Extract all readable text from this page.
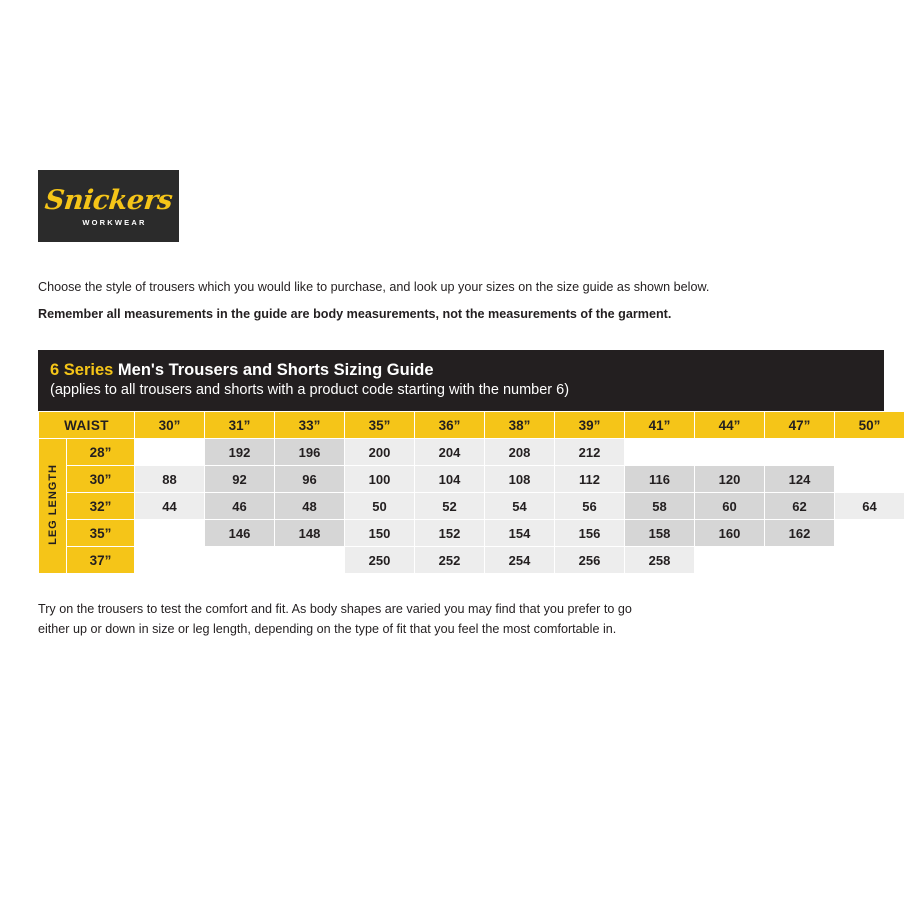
Snickers
WORKWEAR
Choose the style of trousers which you would like to purchase, and look up your sizes on the size guide as shown below.
Remember all measurements in the guide are body measurements, not the measurements of the garment.
6 Series Men's Trousers and Shorts Sizing Guide
(applies to all trousers and shorts with a product code starting with the number 6)
WAIST		30”	31”	33”	35”	36”	38”	39”	41”	44”	47”	50”
LEG LENGTH	28”		192	196	200	204	208	212				
	30”	88	92	96	100	104	108	112	116	120	124	
	32”	44	46	48	50	52	54	56	58	60	62	64
	35”		146	148	150	152	154	156	158	160	162	
	37”				250	252	254	256	258			
Try on the trousers to test the comfort and fit. As body shapes are varied you may find that you prefer to go
either up or down in size or leg length, depending on the type of fit that you feel the most comfortable in.
